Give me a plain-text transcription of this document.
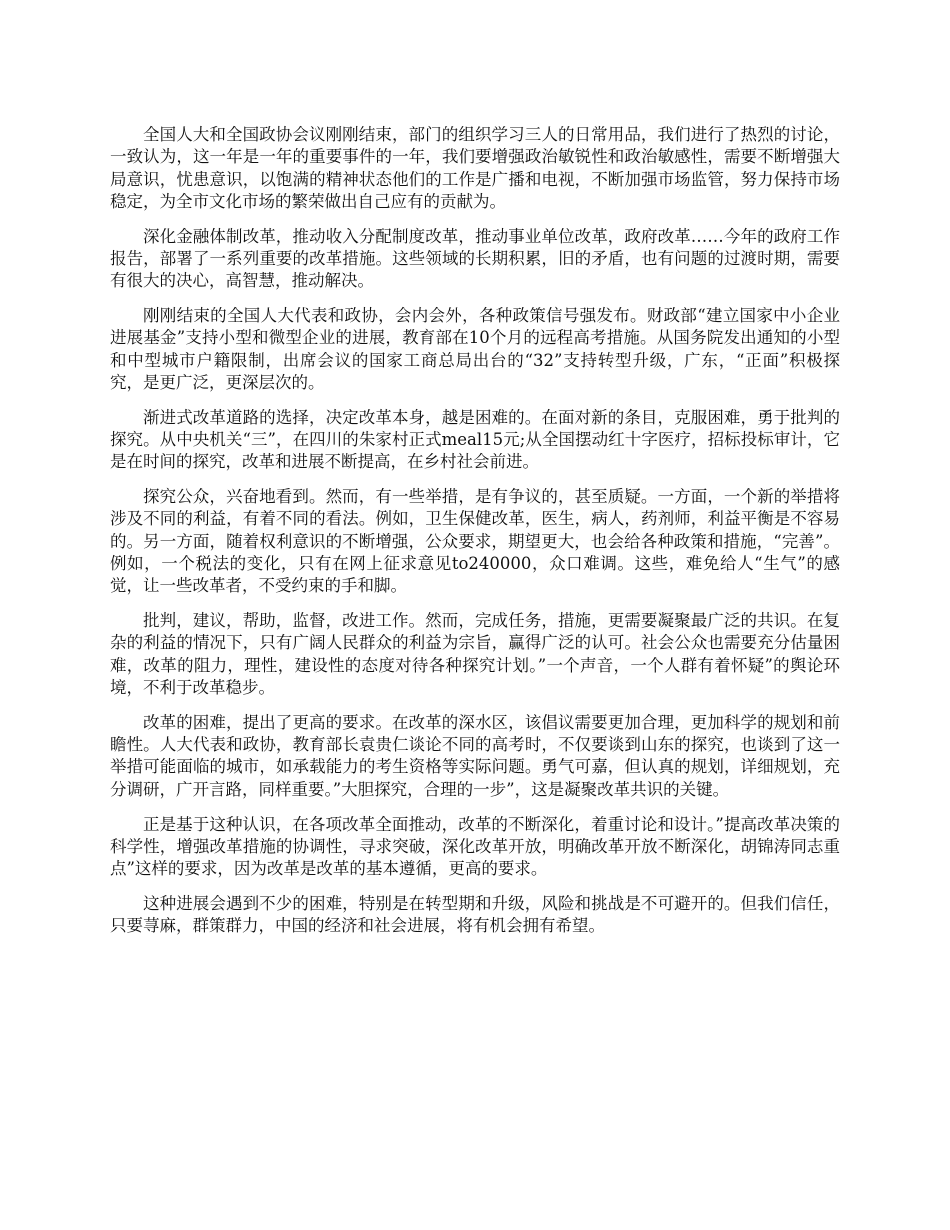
全国人大和全国政协会议刚刚结束，部门的组织学习三人的日常用品，我们进行了热烈的讨论，一致认为，这一年是一年的重要事件的一年，我们要增强政治敏锐性和政治敏感性，需要不断增强大局意识，忧患意识，以饱满的精神状态他们的工作是广播和电视，不断加强市场监管，努力保持市场稳定，为全市文化市场的繁荣做出自己应有的贡献为。

深化金融体制改革，推动收入分配制度改革，推动事业单位改革，政府改革……今年的政府工作报告，部署了一系列重要的改革措施。这些领域的长期积累，旧的矛盾，也有问题的过渡时期，需要有很大的决心，高智慧，推动解决。

刚刚结束的全国人大代表和政协，会内会外，各种政策信号强发布。财政部“建立国家中小企业进展基金”支持小型和微型企业的进展，教育部在10个月的远程高考措施。从国务院发出通知的小型和中型城市户籍限制，出席会议的国家工商总局出台的“32”支持转型升级，广东，“正面”积极探究，是更广泛，更深层次的。

渐进式改革道路的选择，决定改革本身，越是困难的。在面对新的条目，克服困难，勇于批判的探究。从中央机关“三”，在四川的朱家村正式meal15元;从全国摆动红十字医疗，招标投标审计，它是在时间的探究，改革和进展不断提高，在乡村社会前进。

探究公众，兴奋地看到。然而，有一些举措，是有争议的，甚至质疑。一方面，一个新的举措将涉及不同的利益，有着不同的看法。例如，卫生保健改革，医生，病人，药剂师，利益平衡是不容易的。另一方面，随着权利意识的不断增强，公众要求，期望更大，也会给各种政策和措施，“完善”。例如，一个税法的变化，只有在网上征求意见to240000，众口难调。这些，难免给人“生气”的感觉，让一些改革者，不受约束的手和脚。

批判，建议，帮助，监督，改进工作。然而，完成任务，措施，更需要凝聚最广泛的共识。在复杂的利益的情况下，只有广阔人民群众的利益为宗旨，赢得广泛的认可。社会公众也需要充分估量困难，改革的阻力，理性，建设性的态度对待各种探究计划。”一个声音，一个人群有着怀疑”的舆论环境，不利于改革稳步。

改革的困难，提出了更高的要求。在改革的深水区，该倡议需要更加合理，更加科学的规划和前瞻性。人大代表和政协，教育部长袁贵仁谈论不同的高考时，不仅要谈到山东的探究，也谈到了这一举措可能面临的城市，如承载能力的考生资格等实际问题。勇气可嘉，但认真的规划，详细规划，充分调研，广开言路，同样重要。”大胆探究，合理的一步”，这是凝聚改革共识的关键。

正是基于这种认识，在各项改革全面推动，改革的不断深化，着重讨论和设计。”提高改革决策的科学性，增强改革措施的协调性，寻求突破，深化改革开放，明确改革开放不断深化，胡锦涛同志重点”这样的要求，因为改革是改革的基本遵循，更高的要求。

这种进展会遇到不少的困难，特别是在转型期和升级，风险和挑战是不可避开的。但我们信任，只要荨麻，群策群力，中国的经济和社会进展，将有机会拥有希望。
